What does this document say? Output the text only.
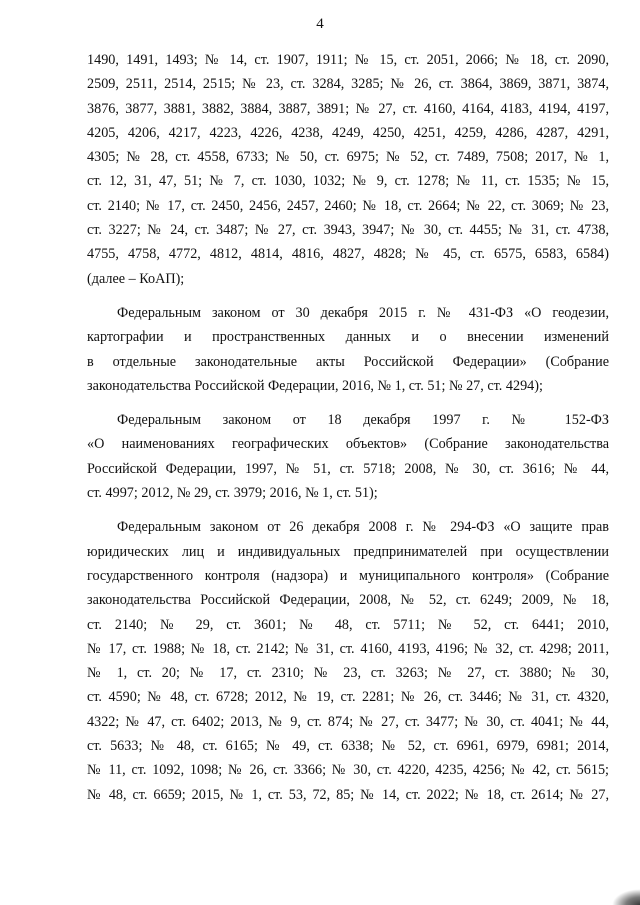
4
1490, 1491, 1493; № 14, ст. 1907, 1911; № 15, ст. 2051, 2066; № 18, ст. 2090,
2509, 2511, 2514, 2515; № 23, ст. 3284, 3285; № 26, ст. 3864, 3869, 3871, 3874,
3876, 3877, 3881, 3882, 3884, 3887, 3891; № 27, ст. 4160, 4164, 4183, 4194, 4197,
4205, 4206, 4217, 4223, 4226, 4238, 4249, 4250, 4251, 4259, 4286, 4287, 4291,
4305; № 28, ст. 4558, 6733; № 50, ст. 6975; № 52, ст. 7489, 7508; 2017, № 1,
ст. 12, 31, 47, 51; № 7, ст. 1030, 1032; № 9, ст. 1278; № 11, ст. 1535; № 15,
ст. 2140; № 17, ст. 2450, 2456, 2457, 2460; № 18, ст. 2664; № 22, ст. 3069; № 23,
ст. 3227; № 24, ст. 3487; № 27, ст. 3943, 3947; № 30, ст. 4455; № 31, ст. 4738,
4755, 4758, 4772, 4812, 4814, 4816, 4827, 4828; № 45, ст. 6575, 6583, 6584)
(далее – КоАП);
Федеральным законом от 30 декабря 2015 г. № 431-ФЗ «О геодезии,
картографии и пространственных данных и о внесении изменений
в отдельные законодательные акты Российской Федерации» (Собрание
законодательства Российской Федерации, 2016, № 1, ст. 51; № 27, ст. 4294);
Федеральным законом от 18 декабря 1997 г. № 152-ФЗ
«О наименованиях географических объектов» (Собрание законодательства
Российской Федерации, 1997, № 51, ст. 5718; 2008, № 30, ст. 3616; № 44,
ст. 4997; 2012, № 29, ст. 3979; 2016, № 1, ст. 51);
Федеральным законом от 26 декабря 2008 г. № 294-ФЗ «О защите прав
юридических лиц и индивидуальных предпринимателей при осуществлении
государственного контроля (надзора) и муниципального контроля» (Собрание
законодательства Российской Федерации, 2008, № 52, ст. 6249; 2009, № 18,
ст. 2140; № 29, ст. 3601; № 48, ст. 5711; № 52, ст. 6441; 2010,
№ 17, ст. 1988; № 18, ст. 2142; № 31, ст. 4160, 4193, 4196; № 32, ст. 4298; 2011,
№ 1, ст. 20; № 17, ст. 2310; № 23, ст. 3263; № 27, ст. 3880; № 30,
ст. 4590; № 48, ст. 6728; 2012, № 19, ст. 2281; № 26, ст. 3446; № 31, ст. 4320,
4322; № 47, ст. 6402; 2013, № 9, ст. 874; № 27, ст. 3477; № 30, ст. 4041; № 44,
ст. 5633; № 48, ст. 6165; № 49, ст. 6338; № 52, ст. 6961, 6979, 6981; 2014,
№ 11, ст. 1092, 1098; № 26, ст. 3366; № 30, ст. 4220, 4235, 4256; № 42, ст. 5615;
№ 48, ст. 6659; 2015, № 1, ст. 53, 72, 85; № 14, ст. 2022; № 18, ст. 2614; № 27,
